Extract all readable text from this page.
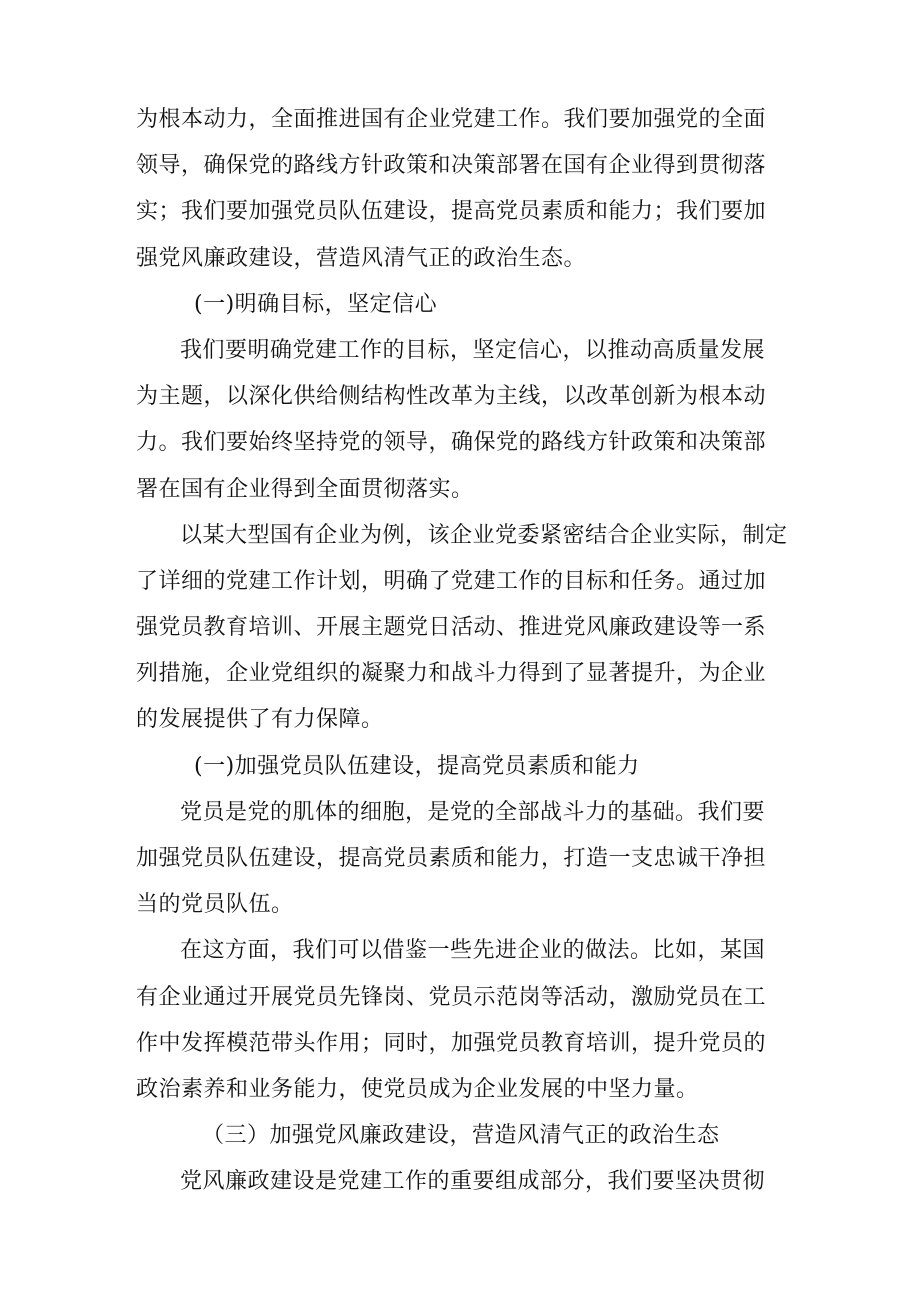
为根本动力，全面推进国有企业党建工作。我们要加强党的全面
领导，确保党的路线方针政策和决策部署在国有企业得到贯彻落
实；我们要加强党员队伍建设，提高党员素质和能力；我们要加
强党风廉政建设，营造风清气正的政治生态。
(一)明确目标，坚定信心
我们要明确党建工作的目标，坚定信心，以推动高质量发展
为主题，以深化供给侧结构性改革为主线，以改革创新为根本动
力。我们要始终坚持党的领导，确保党的路线方针政策和决策部
署在国有企业得到全面贯彻落实。
以某大型国有企业为例，该企业党委紧密结合企业实际，制定
了详细的党建工作计划，明确了党建工作的目标和任务。通过加
强党员教育培训、开展主题党日活动、推进党风廉政建设等一系
列措施，企业党组织的凝聚力和战斗力得到了显著提升，为企业
的发展提供了有力保障。
(一)加强党员队伍建设，提高党员素质和能力
党员是党的肌体的细胞，是党的全部战斗力的基础。我们要
加强党员队伍建设，提高党员素质和能力，打造一支忠诚干净担
当的党员队伍。
在这方面，我们可以借鉴一些先进企业的做法。比如，某国
有企业通过开展党员先锋岗、党员示范岗等活动，激励党员在工
作中发挥模范带头作用；同时，加强党员教育培训，提升党员的
政治素养和业务能力，使党员成为企业发展的中坚力量。
（三）加强党风廉政建设，营造风清气正的政治生态
党风廉政建设是党建工作的重要组成部分，我们要坚决贯彻
